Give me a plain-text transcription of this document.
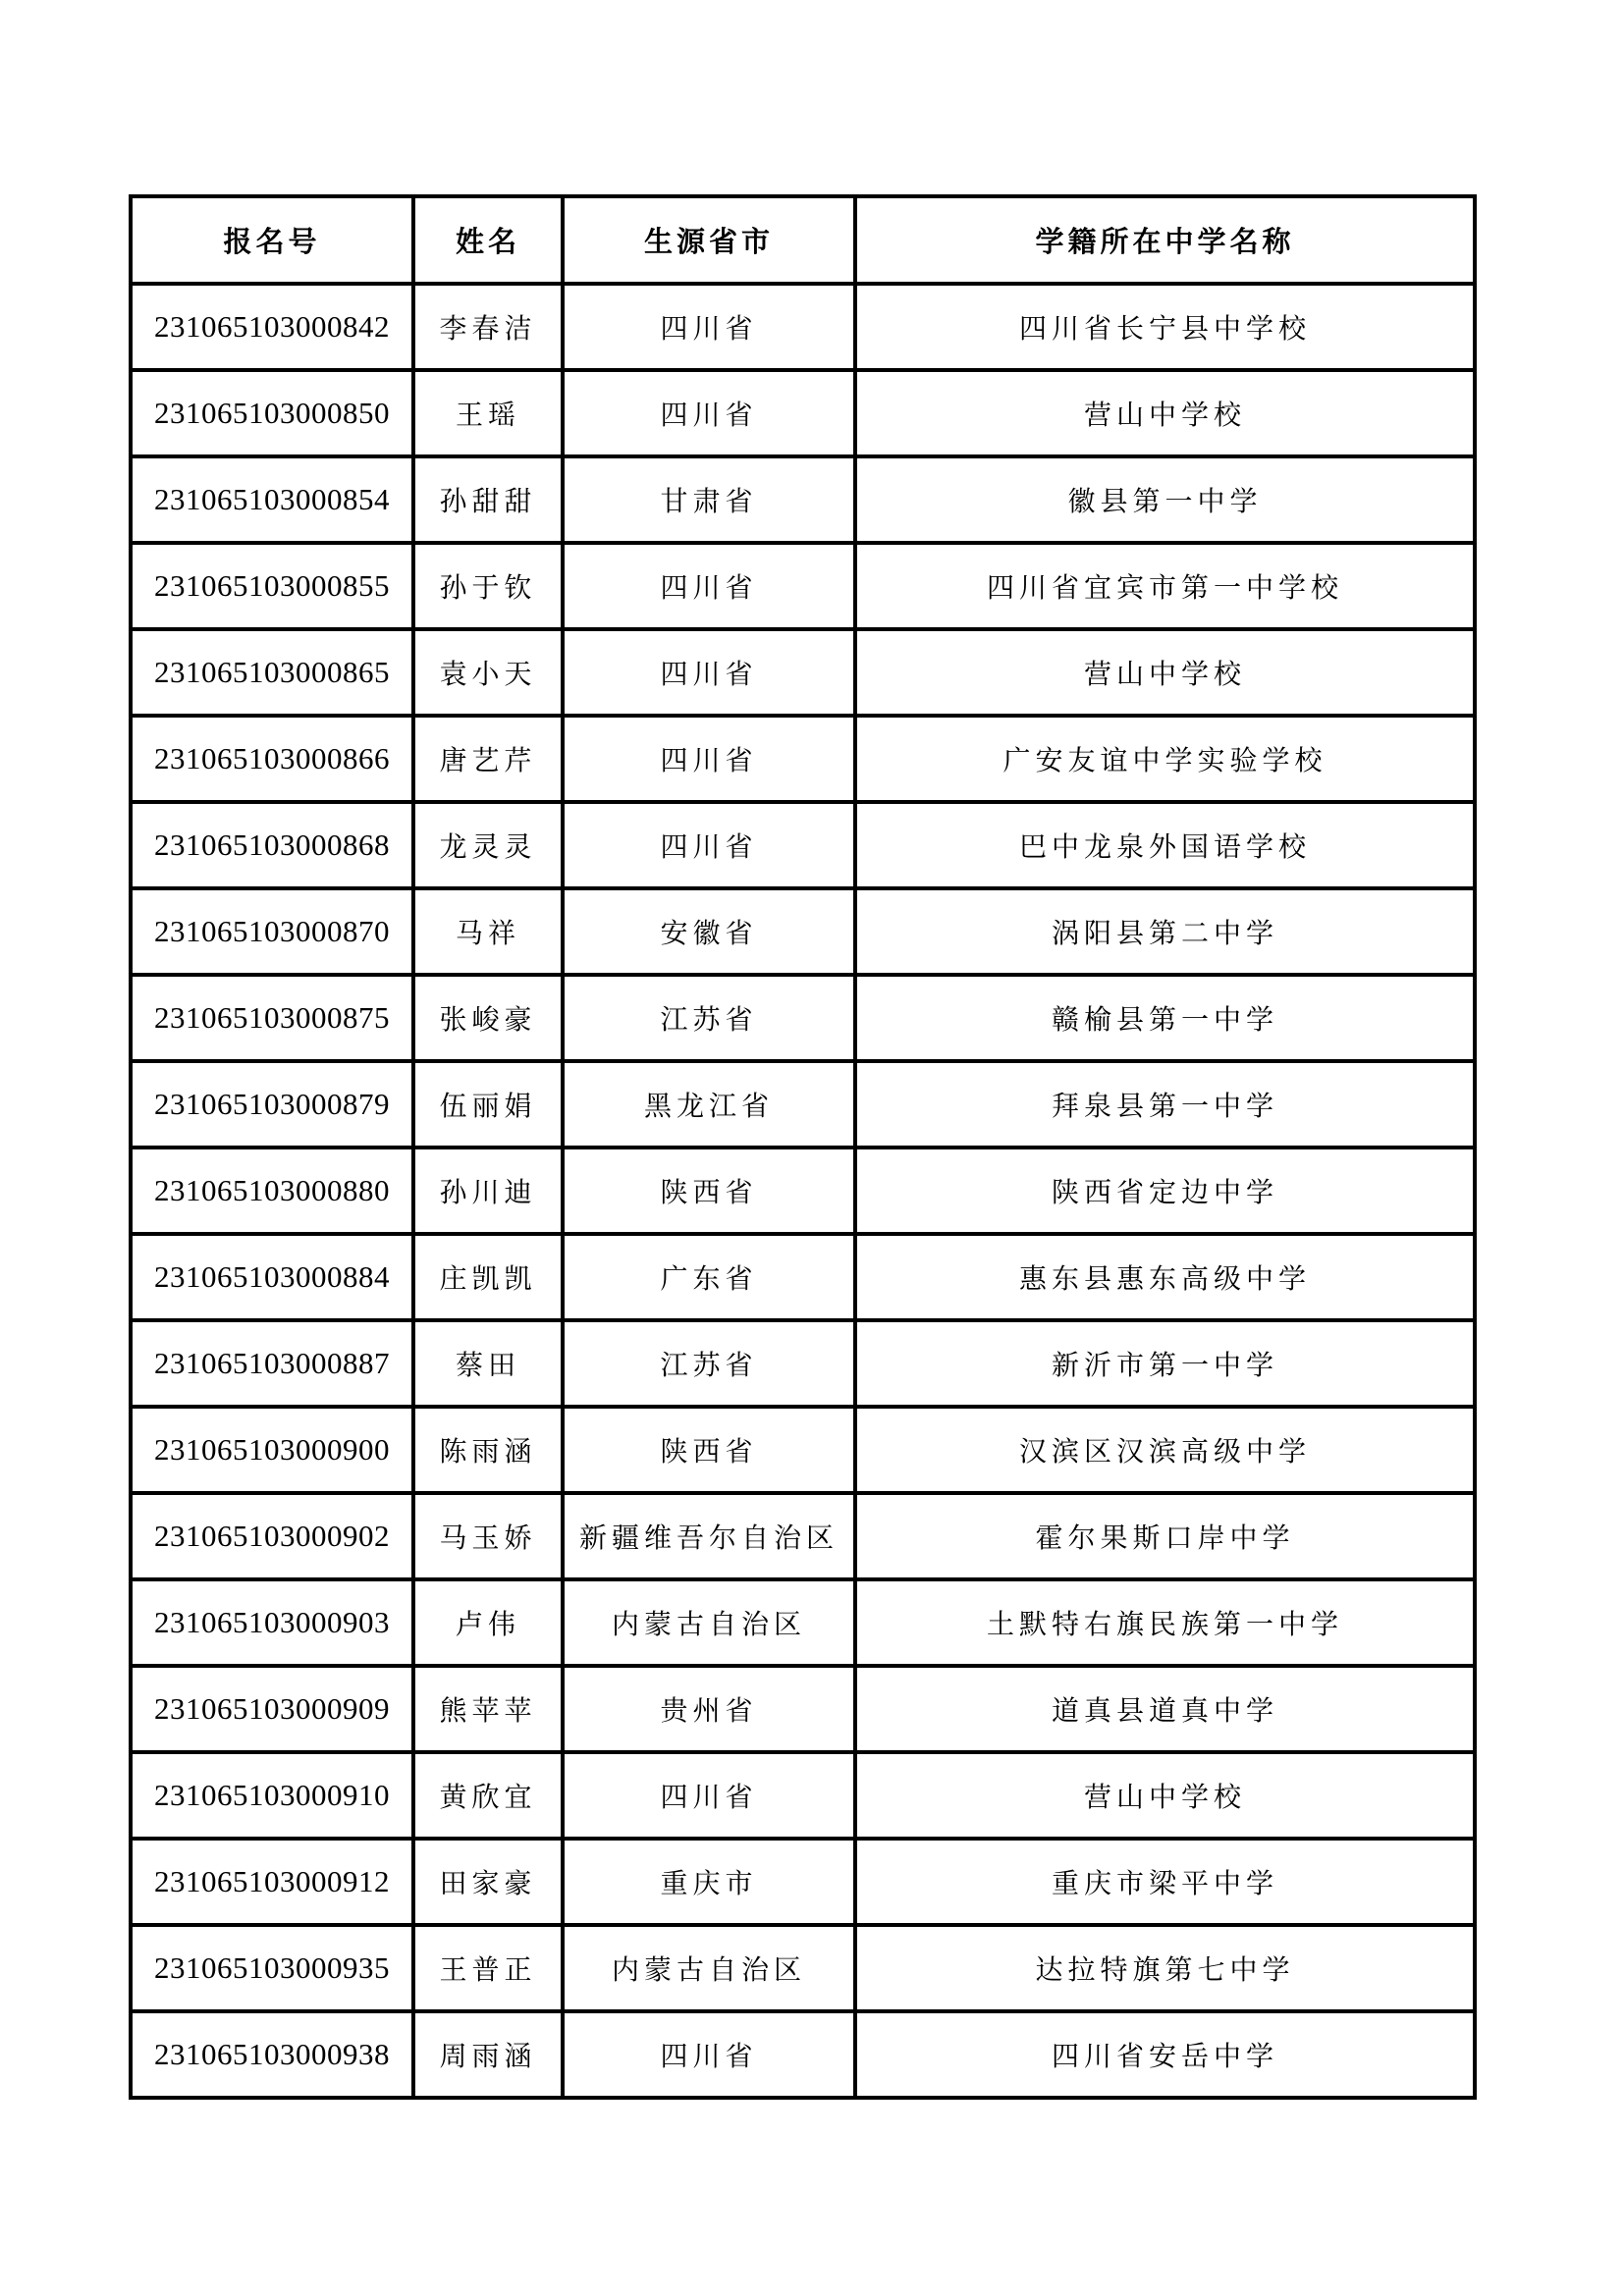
报名号	姓名	生源省市	学籍所在中学名称
231065103000842	李春洁	四川省	四川省长宁县中学校
231065103000850	王瑶	四川省	营山中学校
231065103000854	孙甜甜	甘肃省	徽县第一中学
231065103000855	孙于钦	四川省	四川省宜宾市第一中学校
231065103000865	袁小天	四川省	营山中学校
231065103000866	唐艺芹	四川省	广安友谊中学实验学校
231065103000868	龙灵灵	四川省	巴中龙泉外国语学校
231065103000870	马祥	安徽省	涡阳县第二中学
231065103000875	张峻豪	江苏省	赣榆县第一中学
231065103000879	伍丽娟	黑龙江省	拜泉县第一中学
231065103000880	孙川迪	陕西省	陕西省定边中学
231065103000884	庄凯凯	广东省	惠东县惠东高级中学
231065103000887	蔡田	江苏省	新沂市第一中学
231065103000900	陈雨涵	陕西省	汉滨区汉滨高级中学
231065103000902	马玉娇	新疆维吾尔自治区	霍尔果斯口岸中学
231065103000903	卢伟	内蒙古自治区	土默特右旗民族第一中学
231065103000909	熊苹苹	贵州省	道真县道真中学
231065103000910	黄欣宜	四川省	营山中学校
231065103000912	田家豪	重庆市	重庆市梁平中学
231065103000935	王普正	内蒙古自治区	达拉特旗第七中学
231065103000938	周雨涵	四川省	四川省安岳中学
